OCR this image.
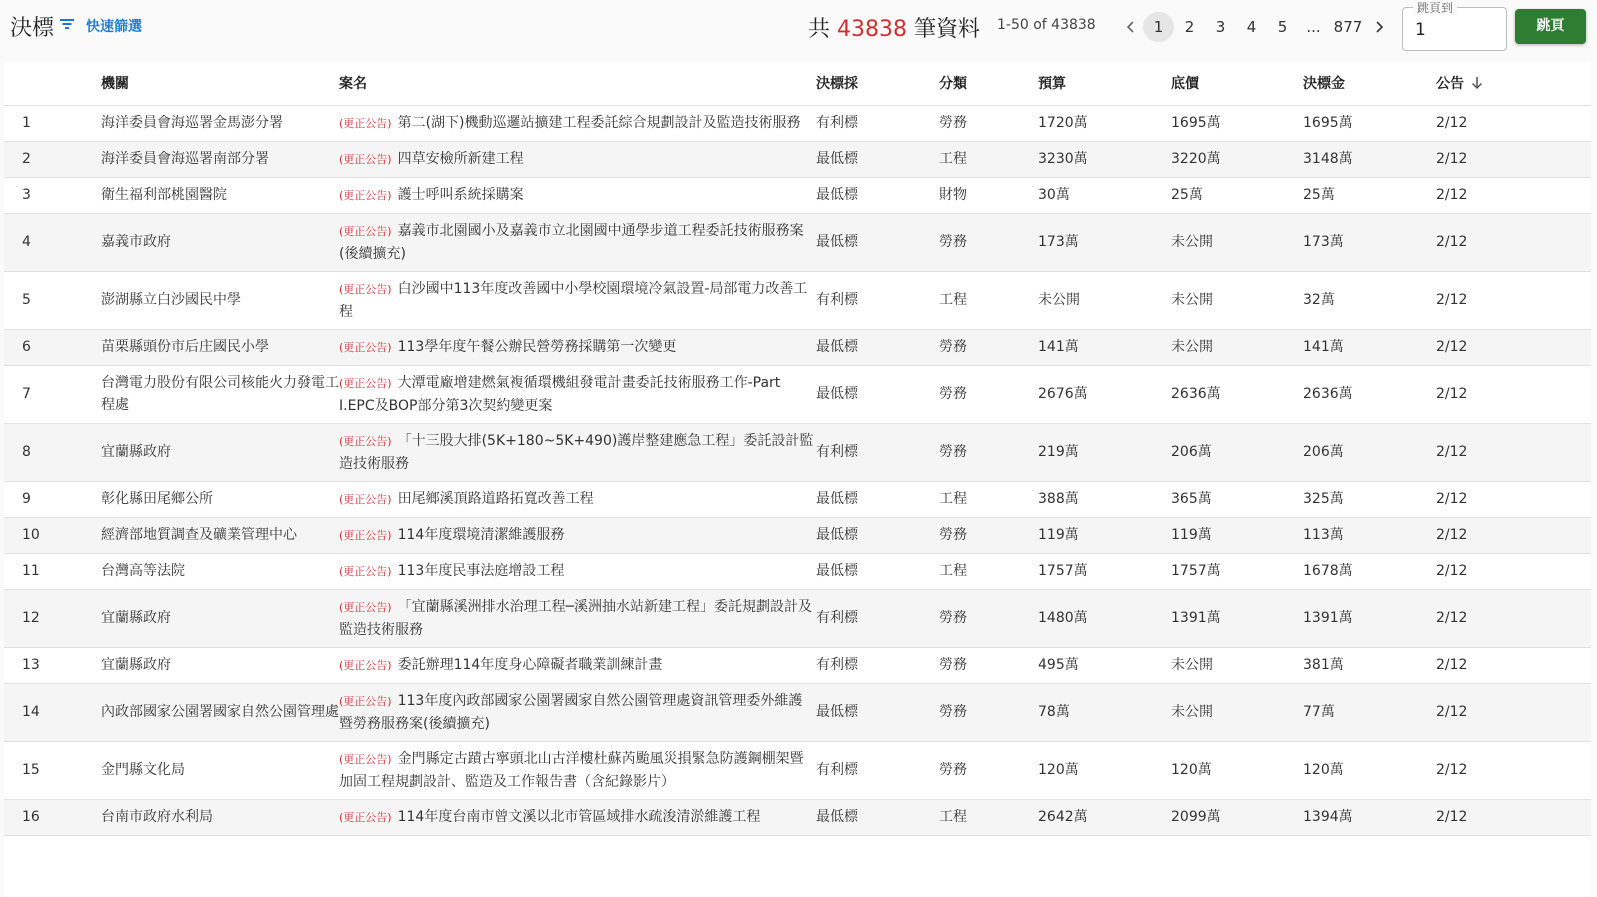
決標 快速篩選	共 43838 筆資料 1-50 of 43838	1	2	3	4	5	... 877
跳頁到
1
跳頁
	機關	案名	決標採	分類	預算	底價	決標金	公告
1	海洋委員會海巡署金馬澎分署	(更正公告) 第二(湖下)機動巡邏站擴建工程委託綜合規劃設計及監造技術服務	有利標	勞務	1720萬	1695萬	1695萬	2/12
2	海洋委員會海巡署南部分署	(更正公告) 四草安檢所新建工程	最低標	工程	3230萬	3220萬	3148萬	2/12
3	衛生福利部桃園醫院	(更正公告) 護士呼叫系統採購案	最低標	財物	30萬	25萬	25萬	2/12
4	嘉義市政府	(更正公告) 嘉義市北園國小及嘉義市立北園國中通學步道工程委託技術服務案(後續擴充)	最低標	勞務	173萬	未公開	173萬	2/12
5	澎湖縣立白沙國民中學	(更正公告) 白沙國中113年度改善國中小學校園環境冷氣設置-局部電力改善工程	有利標	工程	未公開	未公開	32萬	2/12
6	苗栗縣頭份市后庄國民小學	(更正公告) 113學年度午餐公辦民營勞務採購第一次變更	最低標	勞務	141萬	未公開	141萬	2/12
7	台灣電力股份有限公司核能火力發電工程處	(更正公告) 大潭電廠增建燃氣複循環機組發電計畫委託技術服務工作-Part I.EPC及BOP部分第3次契約變更案	最低標	勞務	2676萬	2636萬	2636萬	2/12
8	宜蘭縣政府	(更正公告) 「十三股大排(5K+180~5K+490)護岸整建應急工程」委託設計監造技術服務	有利標	勞務	219萬	206萬	206萬	2/12
9	彰化縣田尾鄉公所	(更正公告) 田尾鄉溪頂路道路拓寬改善工程	最低標	工程	388萬	365萬	325萬	2/12
10	經濟部地質調查及礦業管理中心	(更正公告) 114年度環境清潔維護服務	最低標	勞務	119萬	119萬	113萬	2/12
11	台灣高等法院	(更正公告) 113年度民事法庭增設工程	最低標	工程	1757萬	1757萬	1678萬	2/12
12	宜蘭縣政府	(更正公告) 「宜蘭縣溪洲排水治理工程─溪洲抽水站新建工程」委託規劃設計及監造技術服務	有利標	勞務	1480萬	1391萬	1391萬	2/12
13	宜蘭縣政府	(更正公告) 委託辦理114年度身心障礙者職業訓練計畫	有利標	勞務	495萬	未公開	381萬	2/12
14	內政部國家公園署國家自然公園管理處	(更正公告) 113年度內政部國家公園署國家自然公園管理處資訊管理委外維護暨勞務服務案(後續擴充)	最低標	勞務	78萬	未公開	77萬	2/12
15	金門縣文化局	(更正公告) 金門縣定古蹟古寧頭北山古洋樓杜蘇芮颱風災損緊急防護鋼棚架暨加固工程規劃設計、監造及工作報告書（含紀錄影片）	有利標	勞務	120萬	120萬	120萬	2/12
16	台南市政府水利局	(更正公告) 114年度台南市曾文溪以北市管區域排水疏浚清淤維護工程	最低標	工程	2642萬	2099萬	1394萬	2/12
